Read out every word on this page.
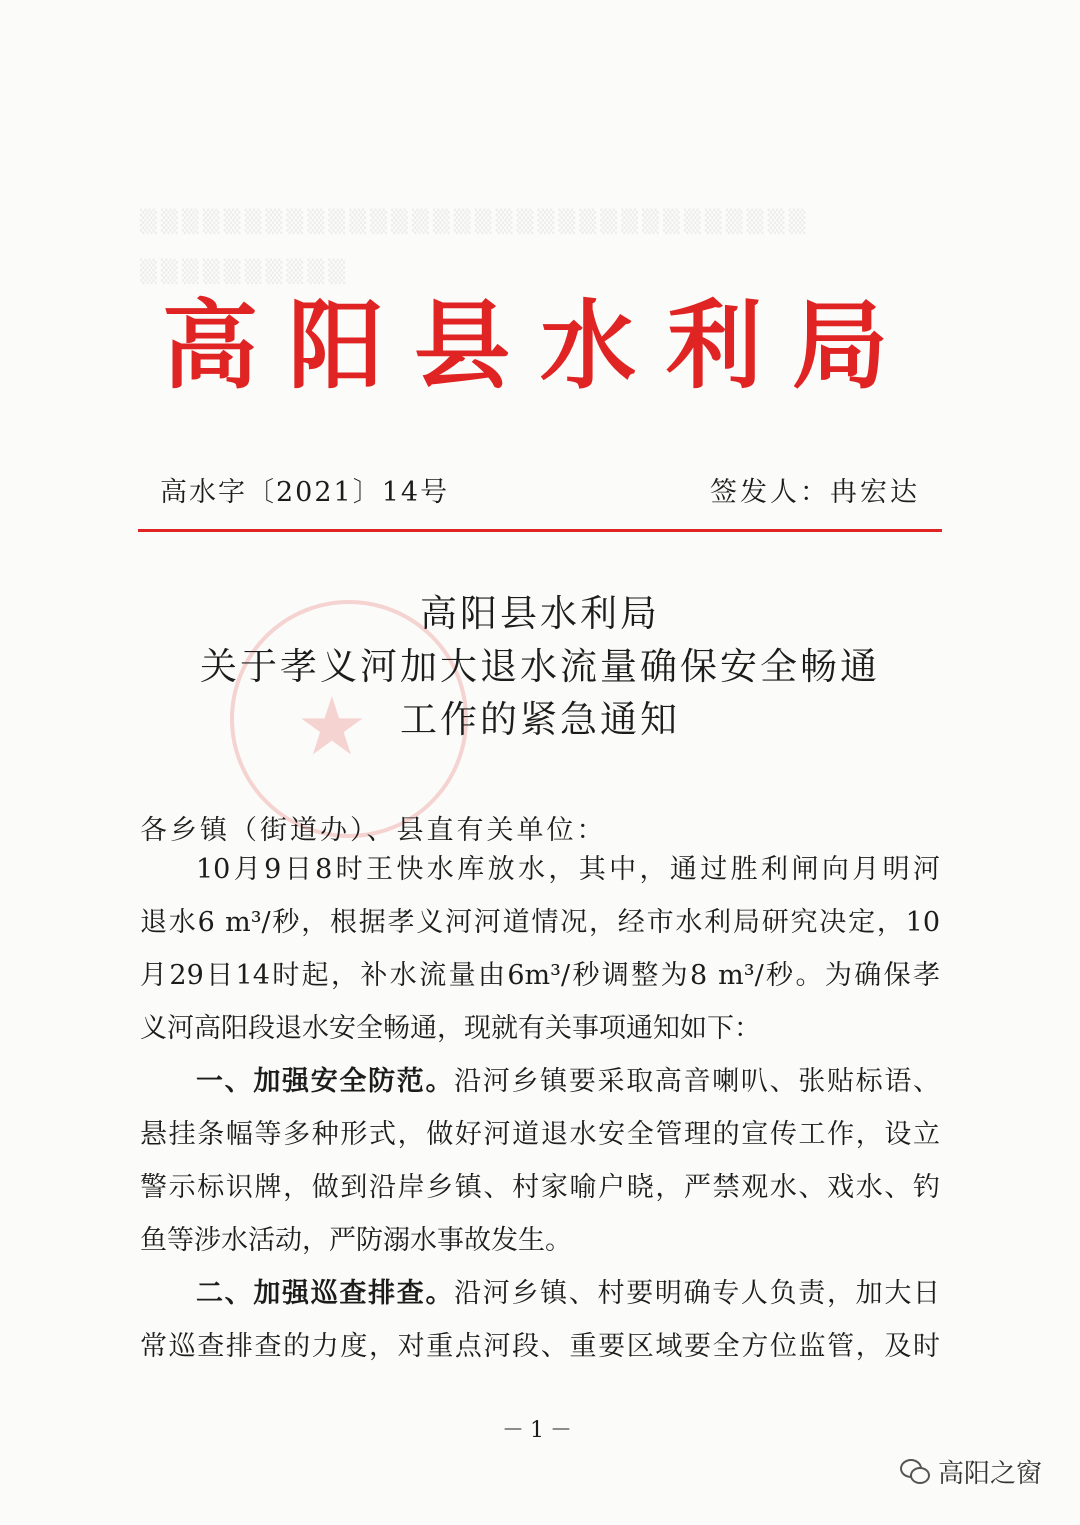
▒▒▒▒▒▒▒▒▒▒▒▒▒▒▒▒▒▒▒▒▒▒▒▒▒▒▒▒▒▒▒▒
▒▒▒▒▒▒▒▒▒▒
高阳县水利局
高水字〔2021〕14号	签发人：冉宏达
★
高阳县水利局
关于孝义河加大退水流量确保安全畅通
工作的紧急通知
各乡镇（街道办）、县直有关单位：
10月9日8时王快水库放水，其中，通过胜利闸向月明河
退水6 m³/秒，根据孝义河河道情况，经市水利局研究决定，10
月29日14时起，补水流量由6m³/秒调整为8 m³/秒。为确保孝
义河高阳段退水安全畅通，现就有关事项通知如下：
一、加强安全防范。沿河乡镇要采取高音喇叭、张贴标语、
悬挂条幅等多种形式，做好河道退水安全管理的宣传工作，设立
警示标识牌，做到沿岸乡镇、村家喻户晓，严禁观水、戏水、钓
鱼等涉水活动，严防溺水事故发生。
二、加强巡查排查。沿河乡镇、村要明确专人负责，加大日
常巡查排查的力度，对重点河段、重要区域要全方位监管，及时
－1－
高阳之窗
